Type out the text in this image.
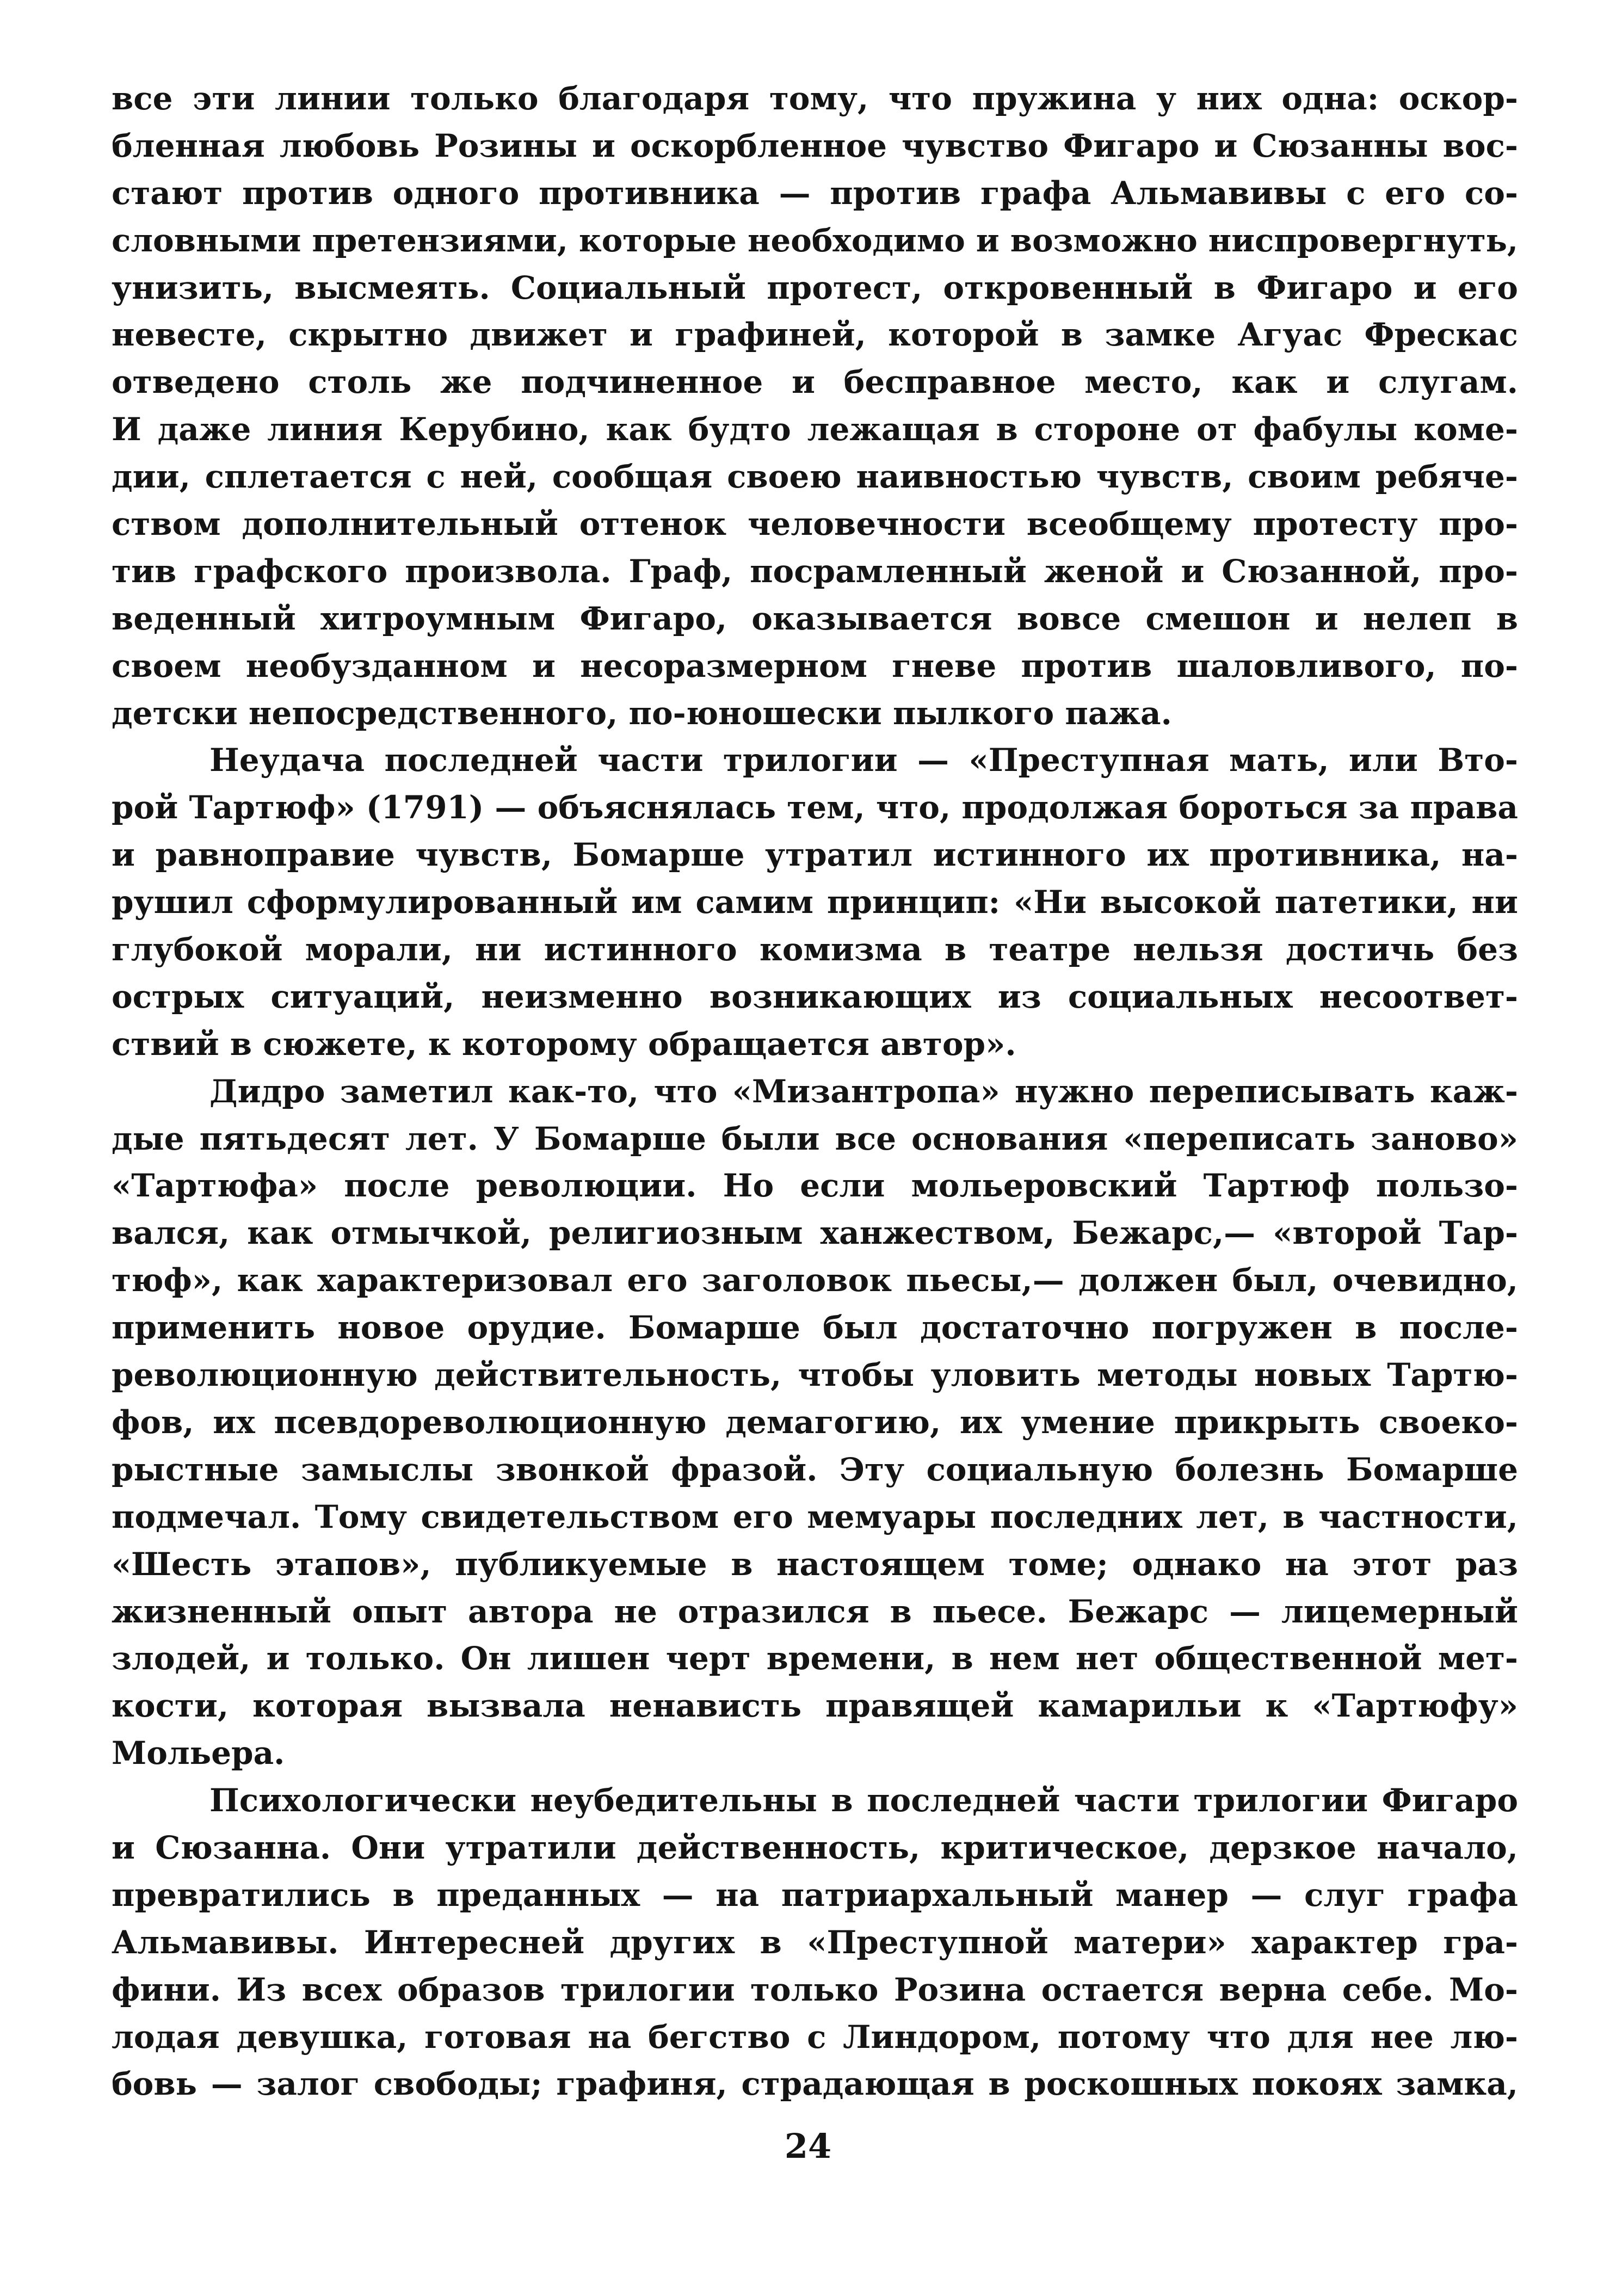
все эти линии только благодаря тому, что пружина у них одна: оскор-
бленная любовь Розины и оскорбленное чувство Фигаро и Сюзанны вос-
стают против одного противника — против графа Альмавивы с его со-
словными претензиями, которые необходимо и возможно ниспровергнуть,
унизить, высмеять. Социальный протест, откровенный в Фигаро и его
невесте, скрытно движет и графиней, которой в замке Агуас Фрескас
отведено столь же подчиненное и бесправное место, как и слугам.
И даже линия Керубино, как будто лежащая в стороне от фабулы коме-
дии, сплетается с ней, сообщая своею наивностью чувств, своим ребяче-
ством дополнительный оттенок человечности всеобщему протесту про-
тив графского произвола. Граф, посрамленный женой и Сюзанной, про-
веденный хитроумным Фигаро, оказывается вовсе смешон и нелеп в
своем необузданном и несоразмерном гневе против шаловливого, по-
детски непосредственного, по-юношески пылкого пажа.
Неудача последней части трилогии — «Преступная мать, или Вто-
рой Тартюф» (1791) — объяснялась тем, что, продолжая бороться за права
и равноправие чувств, Бомарше утратил истинного их противника, на-
рушил сформулированный им самим принцип: «Ни высокой патетики, ни
глубокой морали, ни истинного комизма в театре нельзя достичь без
острых ситуаций, неизменно возникающих из социальных несоответ-
ствий в сюжете, к которому обращается автор».
Дидро заметил как-то, что «Мизантропа» нужно переписывать каж-
дые пятьдесят лет. У Бомарше были все основания «переписать заново»
«Тартюфа» после революции. Но если мольеровский Тартюф пользо-
вался, как отмычкой, религиозным ханжеством, Бежарс,— «второй Тар-
тюф», как характеризовал его заголовок пьесы,— должен был, очевидно,
применить новое орудие. Бомарше был достаточно погружен в после-
революционную действительность, чтобы уловить методы новых Тартю-
фов, их псевдореволюционную демагогию, их умение прикрыть своеко-
рыстные замыслы звонкой фразой. Эту социальную болезнь Бомарше
подмечал. Тому свидетельством его мемуары последних лет, в частности,
«Шесть этапов», публикуемые в настоящем томе; однако на этот раз
жизненный опыт автора не отразился в пьесе. Бежарс — лицемерный
злодей, и только. Он лишен черт времени, в нем нет общественной мет-
кости, которая вызвала ненависть правящей камарильи к «Тартюфу»
Мольера.
Психологически неубедительны в последней части трилогии Фигаро
и Сюзанна. Они утратили действенность, критическое, дерзкое начало,
превратились в преданных — на патриархальный манер — слуг графа
Альмавивы. Интересней других в «Преступной матери» характер гра-
фини. Из всех образов трилогии только Розина остается верна себе. Мо-
лодая девушка, готовая на бегство с Линдором, потому что для нее лю-
бовь — залог свободы; графиня, страдающая в роскошных покоях замка,
24
